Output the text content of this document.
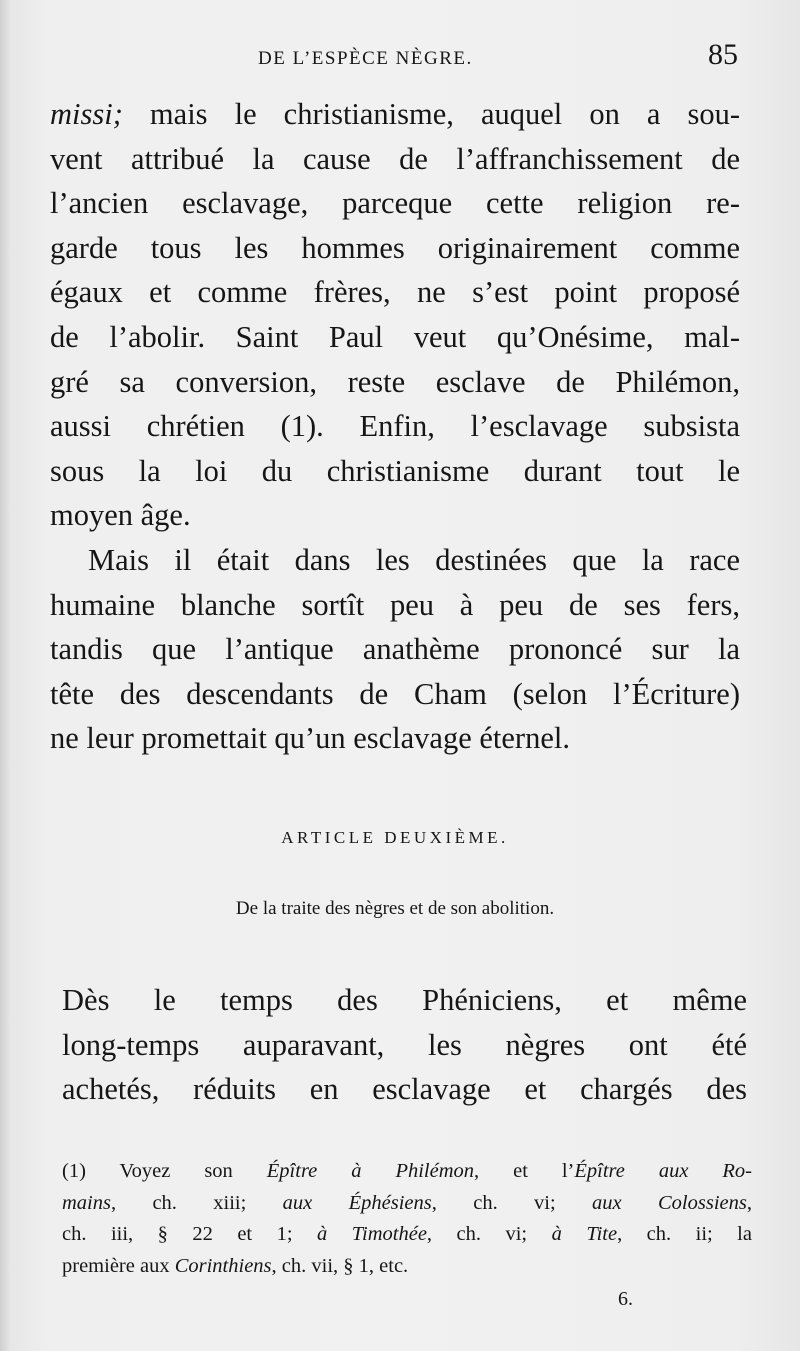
DE L’ESPÈCE NÈGRE.	85
missi; mais le christianisme, auquel on a sou-
vent attribué la cause de l’affranchissement de
l’ancien esclavage, parceque cette religion re-
garde tous les hommes originairement comme
égaux et comme frères, ne s’est point proposé
de l’abolir. Saint Paul veut qu’Onésime, mal-
gré sa conversion, reste esclave de Philémon,
aussi chrétien (1). Enfin, l’esclavage subsista
sous la loi du christianisme durant tout le
moyen âge.
Mais il était dans les destinées que la race
humaine blanche sortît peu à peu de ses fers,
tandis que l’antique anathème prononcé sur la
tête des descendants de Cham (selon l’Écriture)
ne leur promettait qu’un esclavage éternel.
ARTICLE DEUXIÈME.
De la traite des nègres et de son abolition.
Dès le temps des Phéniciens, et même
long-temps auparavant, les nègres ont été
achetés, réduits en esclavage et chargés des
(1) Voyez son Épître à Philémon, et l’Épître aux Ro-
mains, ch. xiii; aux Éphésiens, ch. vi; aux Colossiens,
ch. iii, § 22 et 1; à Timothée, ch. vi; à Tite, ch. ii; la
première aux Corinthiens, ch. vii, § 1, etc.
6.
